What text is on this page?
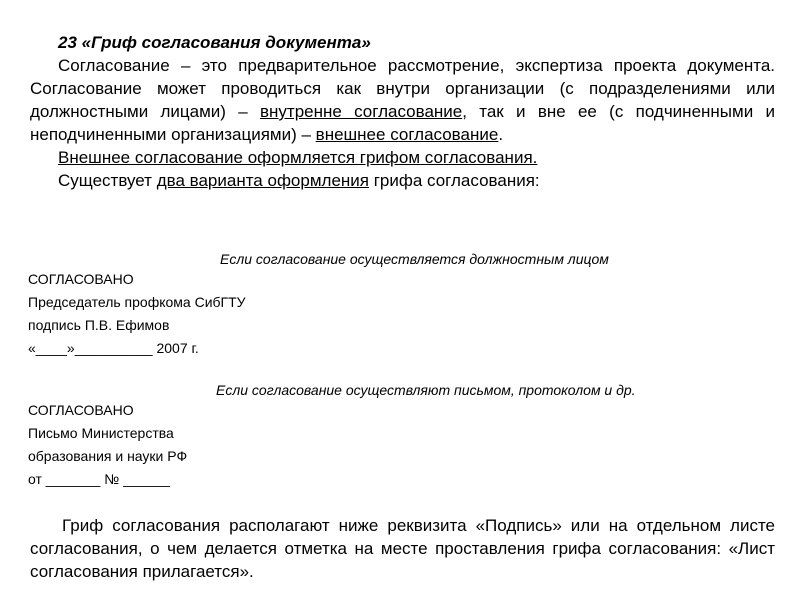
23 «Гриф согласования документа»

Согласование – это предварительное рассмотрение, экспертиза проекта документа. Согласование может проводиться как внутри организации (с подразделениями или должностными лицами) – внутренне согласование, так и вне ее (с подчиненными и неподчиненными организациями) – внешнее согласование.

Внешнее согласование оформляется грифом согласования.

Существует два варианта оформления грифа согласования:

Если согласование осуществляется должностным лицом
СОГЛАСОВАНО
Председатель профкома СибГТУ
подпись П.В. Ефимов
«____»__________ 2007 г.
Если согласование осуществляют письмом, протоколом и др.
СОГЛАСОВАНО
Письмо Министерства
образования и науки РФ
от _______ № ______

Гриф согласования располагают ниже реквизита «Подпись» или на отдельном листе согласования, о чем делается отметка на месте проставления грифа согласования: «Лист согласования прилагается».
